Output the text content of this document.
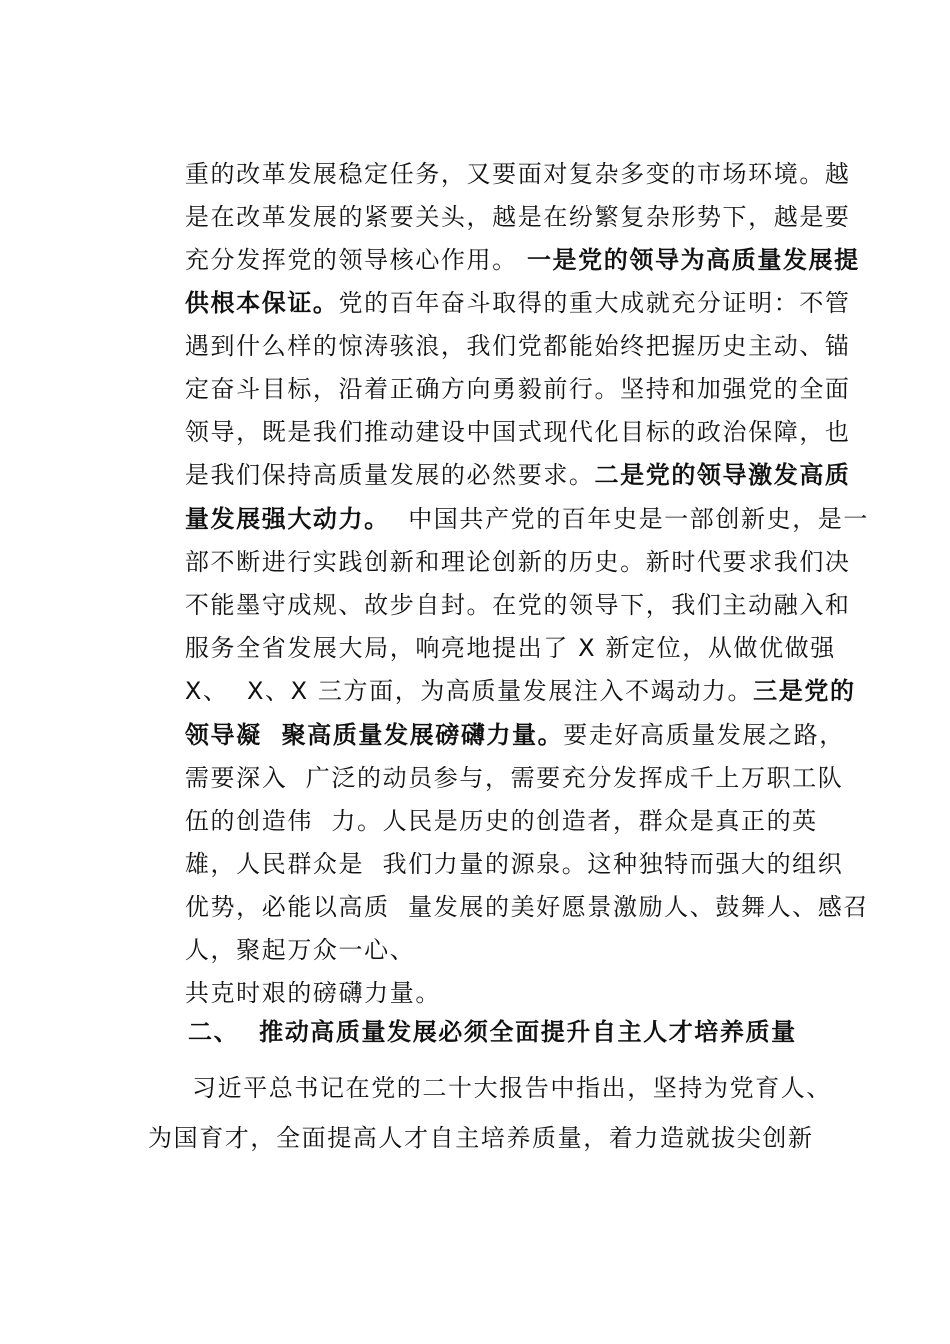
重的改革发展稳定任务，又要面对复杂多变的市场环境。越

是在改革发展的紧要关头，越是在纷繁复杂形势下，越是要

充分发挥党的领导核心作用。 一是党的领导为高质量发展提

供根本保证。党的百年奋斗取得的重大成就充分证明：不管

遇到什么样的惊涛骇浪，我们党都能始终把握历史主动、锚

定奋斗目标，沿着正确方向勇毅前行。坚持和加强党的全面

领导，既是我们推动建设中国式现代化目标的政治保障，也

是我们保持高质量发展的必然要求。二是党的领导激发高质

量发展强大动力。  中国共产党的百年史是一部创新史，是一

部不断进行实践创新和理论创新的历史。新时代要求我们决

不能墨守成规、故步自封。在党的领导下，我们主动融入和

服务全省发展大局，响亮地提出了 X 新定位，从做优做强

X、  X、X 三方面，为高质量发展注入不竭动力。三是党的

领导凝  聚高质量发展磅礴力量。要走好高质量发展之路，

需要深入  广泛的动员参与，需要充分发挥成千上万职工队

伍的创造伟  力。人民是历史的创造者，群众是真正的英

雄，人民群众是  我们力量的源泉。这种独特而强大的组织

优势，必能以高质  量发展的美好愿景激励人、鼓舞人、感召

人，聚起万众一心、

共克时艰的磅礴力量。

二、  推动高质量发展必须全面提升自主人才培养质量
习近平总书记在党的二十大报告中指出，坚持为党育人、
为国育才，全面提高人才自主培养质量，着力造就拔尖创新
